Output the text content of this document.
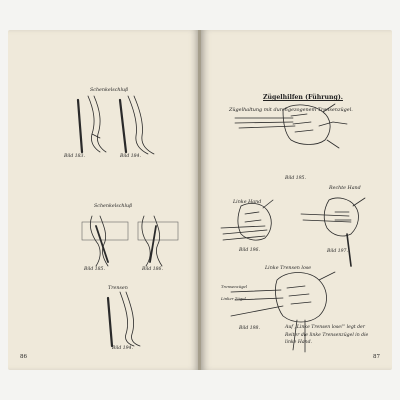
Schenkelschluß
Bild 183.	Bild 184.
Schenkelschluß
Bild 185.	Bild 186.
Trensen
Bild 194.
86
Zügelhilfen (Führung).
Zügelhaltung mit durchgezogenem Trensenzügel.
Bild 195.
Linke Hand
Rechte Hand
Bild 196.	Bild 197.
Linke Trensen lose
Trensenzügel
Linker Zügel
Bild 198.	Auf „Linke Trensen lose!“ legt der Reiter die linke Trensenzügel in die linke Hand.
87
